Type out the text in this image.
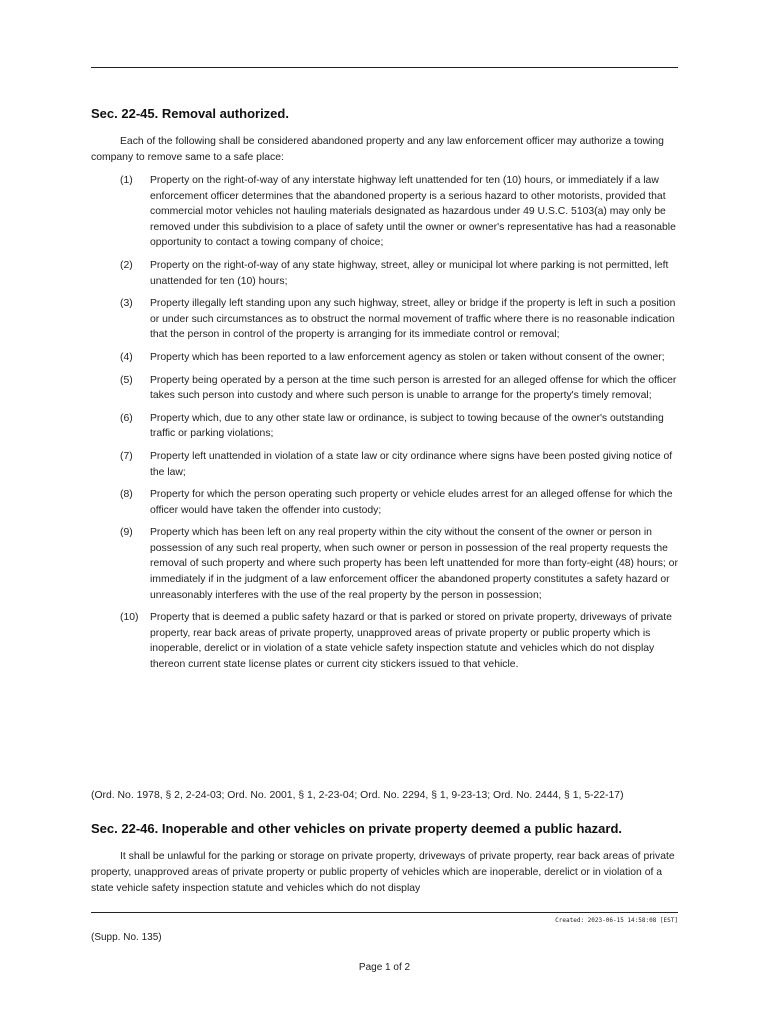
Sec. 22-45. Removal authorized.
Each of the following shall be considered abandoned property and any law enforcement officer may authorize a towing company to remove same to a safe place:
(1)	Property on the right-of-way of any interstate highway left unattended for ten (10) hours, or immediately if a law enforcement officer determines that the abandoned property is a serious hazard to other motorists, provided that commercial motor vehicles not hauling materials designated as hazardous under 49 U.S.C. 5103(a) may only be removed under this subdivision to a place of safety until the owner or owner's representative has had a reasonable opportunity to contact a towing company of choice;
(2)	Property on the right-of-way of any state highway, street, alley or municipal lot where parking is not permitted, left unattended for ten (10) hours;
(3)	Property illegally left standing upon any such highway, street, alley or bridge if the property is left in such a position or under such circumstances as to obstruct the normal movement of traffic where there is no reasonable indication that the person in control of the property is arranging for its immediate control or removal;
(4)	Property which has been reported to a law enforcement agency as stolen or taken without consent of the owner;
(5)	Property being operated by a person at the time such person is arrested for an alleged offense for which the officer takes such person into custody and where such person is unable to arrange for the property's timely removal;
(6)	Property which, due to any other state law or ordinance, is subject to towing because of the owner's outstanding traffic or parking violations;
(7)	Property left unattended in violation of a state law or city ordinance where signs have been posted giving notice of the law;
(8)	Property for which the person operating such property or vehicle eludes arrest for an alleged offense for which the officer would have taken the offender into custody;
(9)	Property which has been left on any real property within the city without the consent of the owner or person in possession of any such real property, when such owner or person in possession of the real property requests the removal of such property and where such property has been left unattended for more than forty-eight (48) hours; or immediately if in the judgment of a law enforcement officer the abandoned property constitutes a safety hazard or unreasonably interferes with the use of the real property by the person in possession;
(10)	Property that is deemed a public safety hazard or that is parked or stored on private property, driveways of private property, rear back areas of private property, unapproved areas of private property or public property which is inoperable, derelict or in violation of a state vehicle safety inspection statute and vehicles which do not display thereon current state license plates or current city stickers issued to that vehicle.
(Ord. No. 1978, § 2, 2-24-03; Ord. No. 2001, § 1, 2-23-04; Ord. No. 2294, § 1, 9-23-13; Ord. No. 2444, § 1, 5-22-17)
Sec. 22-46. Inoperable and other vehicles on private property deemed a public hazard.
It shall be unlawful for the parking or storage on private property, driveways of private property, rear back areas of private property, unapproved areas of private property or public property of vehicles which are inoperable, derelict or in violation of a state vehicle safety inspection statute and vehicles which do not display
Created: 2023-06-15 14:58:08 [EST]
(Supp. No. 135)
Page 1 of 2
